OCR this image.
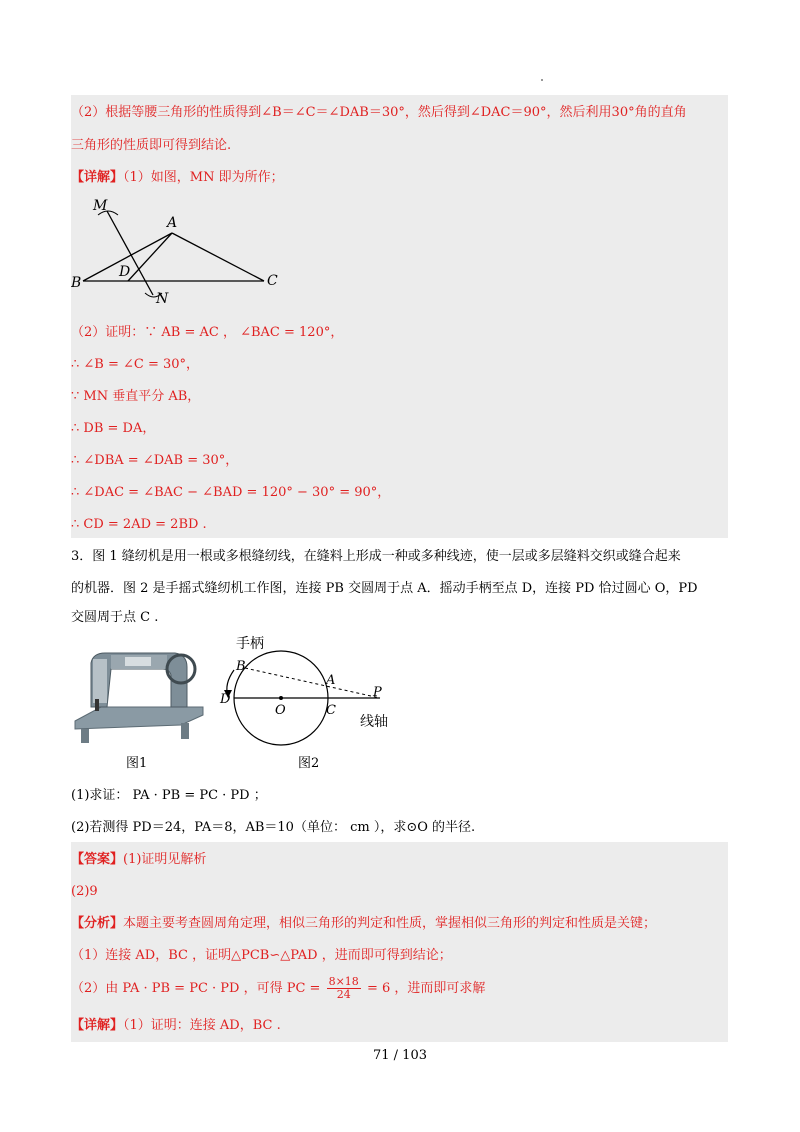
（2）根据等腰三角形的性质得到∠B＝∠C＝∠DAB＝30°，然后得到∠DAC＝90°，然后利用30°角的直角
三角形的性质即可得到结论.
【详解】（1）如图，MN 即为所作；
M
A
B
D
C
N
（2）证明：∵ AB = AC ， ∠BAC = 120°，
∴ ∠B = ∠C = 30°，
∵ MN 垂直平分 AB，
∴ DB = DA，
∴ ∠DBA = ∠DAB = 30°，
∴ ∠DAC = ∠BAC − ∠BAD = 120° − 30° = 90°，
∴ CD = 2AD = 2BD .
3．图 1 缝纫机是用一根或多根缝纫线，在缝料上形成一种或多种线迹，使一层或多层缝料交织或缝合起来
的机器．图 2 是手摇式缝纫机工作图，连接 PB 交圆周于点 A．摇动手柄至点 D，连接 PD 恰过圆心 O，PD
交圆周于点 C .
图1
手柄
B
A
D
O	C
P
线轴
图2
(1)求证： PA · PB = PC · PD ；
(2)若测得 PD＝24，PA＝8，AB＝10（单位： cm ），求⊙O 的半径.
【答案】(1)证明见解析
(2)9
【分析】本题主要考查圆周角定理，相似三角形的判定和性质，掌握相似三角形的判定和性质是关键；
（1）连接 AD，BC ，证明△PCB∽△PAD ，进而即可得到结论；
（2）由 PA · PB = PC · PD ，可得 PC = $\frac{8\times 18}{24} = 6$ ，进而即可求解
【详解】（1）证明：连接 AD，BC .
71 / 103
